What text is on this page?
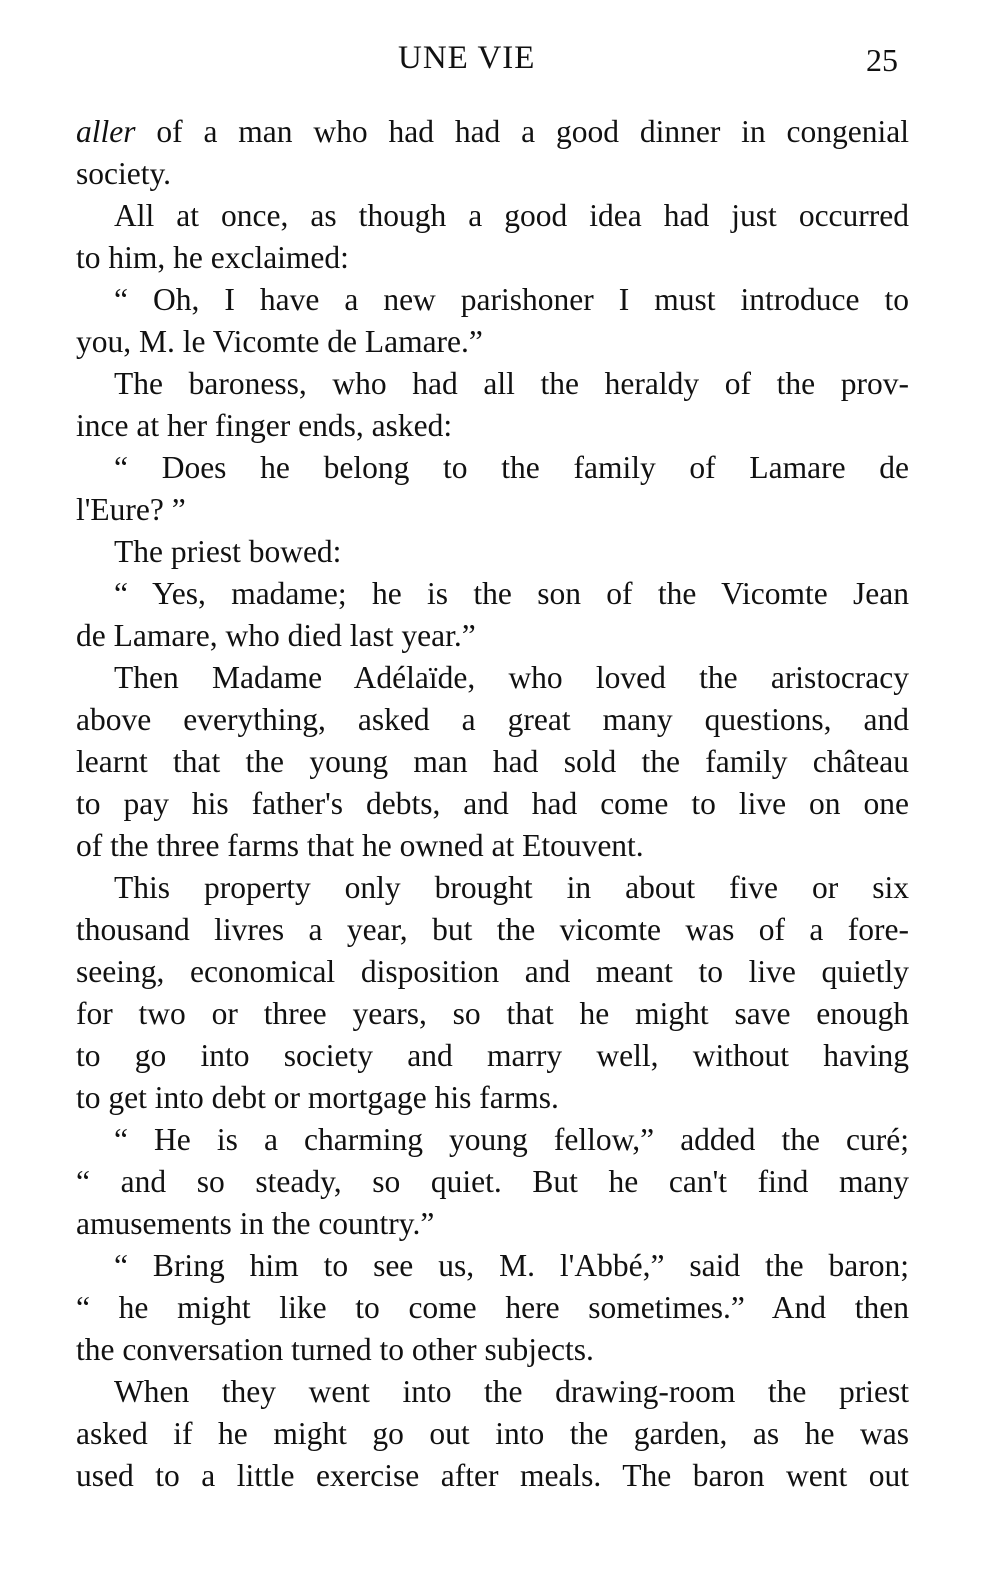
UNE VIE	25
aller of a man who had had a good dinner in congenial
society.
All at once, as though a good idea had just occurred
to him, he exclaimed:
“ Oh, I have a new parishoner I must introduce to
you, M. le Vicomte de Lamare.”
The baroness, who had all the heraldy of the prov-
ince at her finger ends, asked:
“ Does he belong to the family of Lamare de
l'Eure? ”
The priest bowed:
“ Yes, madame; he is the son of the Vicomte Jean
de Lamare, who died last year.”
Then Madame Adélaïde, who loved the aristocracy
above everything, asked a great many questions, and
learnt that the young man had sold the family château
to pay his father's debts, and had come to live on one
of the three farms that he owned at Etouvent.
This property only brought in about five or six
thousand livres a year, but the vicomte was of a fore-
seeing, economical disposition and meant to live quietly
for two or three years, so that he might save enough
to go into society and marry well, without having
to get into debt or mortgage his farms.
“ He is a charming young fellow,” added the curé;
“ and so steady, so quiet. But he can't find many
amusements in the country.”
“ Bring him to see us, M. l'Abbé,” said the baron;
“ he might like to come here sometimes.” And then
the conversation turned to other subjects.
When they went into the drawing-room the priest
asked if he might go out into the garden, as he was
used to a little exercise after meals. The baron went out
